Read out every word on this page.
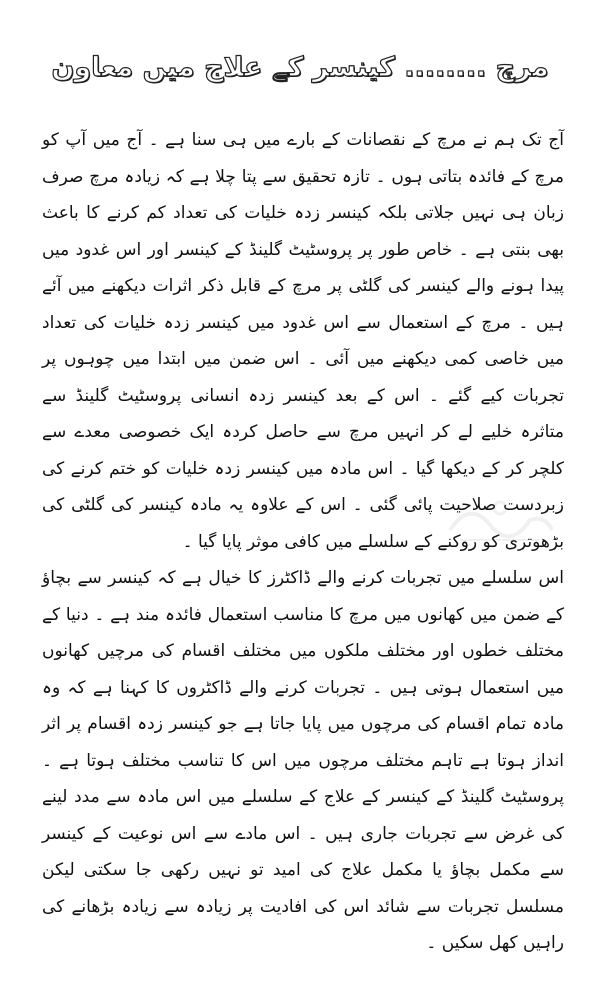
مرچ ........ کینسر کے علاج میں معاون

آج تک ہم نے مرچ کے نقصانات کے بارے میں ہی سنا ہے ۔ آج میں آپ کو مرچ کے فائدہ بتاتی ہوں ۔ تازہ تحقیق سے پتا چلا ہے کہ زیادہ مرچ صرف زبان ہی نہیں جلاتی بلکہ کینسر زدہ خلیات کی تعداد کم کرنے کا باعث بھی بنتی ہے ۔ خاص طور پر پروسٹیٹ گلینڈ کے کینسر اور اس غدود میں پیدا ہونے والے کینسر کی گلٹی پر مرچ کے قابل ذکر اثرات دیکھنے میں آئے ہیں ۔ مرچ کے استعمال سے اس غدود میں کینسر زدہ خلیات کی تعداد میں خاصی کمی دیکھنے میں آئی ۔ اس ضمن میں ابتدا میں چوہوں پر تجربات کیے گئے ۔ اس کے بعد کینسر زدہ انسانی پروسٹیٹ گلینڈ سے متاثرہ خلیے لے کر انہیں مرچ سے حاصل کردہ ایک خصوصی معدے سے کلچر کر کے دیکھا گیا ۔ اس مادہ میں کینسر زدہ خلیات کو ختم کرنے کی زبردست صلاحیت پائی گئی ۔ اس کے علاوہ یہ مادہ کینسر کی گلٹی کی بڑھوتری کو روکنے کے سلسلے میں کافی موثر پایا گیا ۔

اس سلسلے میں تجربات کرنے والے ڈاکٹرز کا خیال ہے کہ کینسر سے بچاؤ کے ضمن میں کھانوں میں مرچ کا مناسب استعمال فائدہ مند ہے ۔ دنیا کے مختلف خطوں اور مختلف ملکوں میں مختلف اقسام کی مرچیں کھانوں میں استعمال ہوتی ہیں ۔ تجربات کرنے والے ڈاکٹروں کا کہنا ہے کہ وہ مادہ تمام اقسام کی مرچوں میں پایا جاتا ہے جو کینسر زدہ اقسام پر اثر انداز ہوتا ہے تاہم مختلف مرچوں میں اس کا تناسب مختلف ہوتا ہے ۔ پروسٹیٹ گلینڈ کے کینسر کے علاج کے سلسلے میں اس مادہ سے مدد لینے کی غرض سے تجربات جاری ہیں ۔ اس مادے سے اس نوعیت کے کینسر سے مکمل بچاؤ یا مکمل علاج کی امید تو نہیں رکھی جا سکتی لیکن مسلسل تجربات سے شائد اس کی افادیت پر زیادہ سے زیادہ بڑھانے کی راہیں کھل سکیں ۔
